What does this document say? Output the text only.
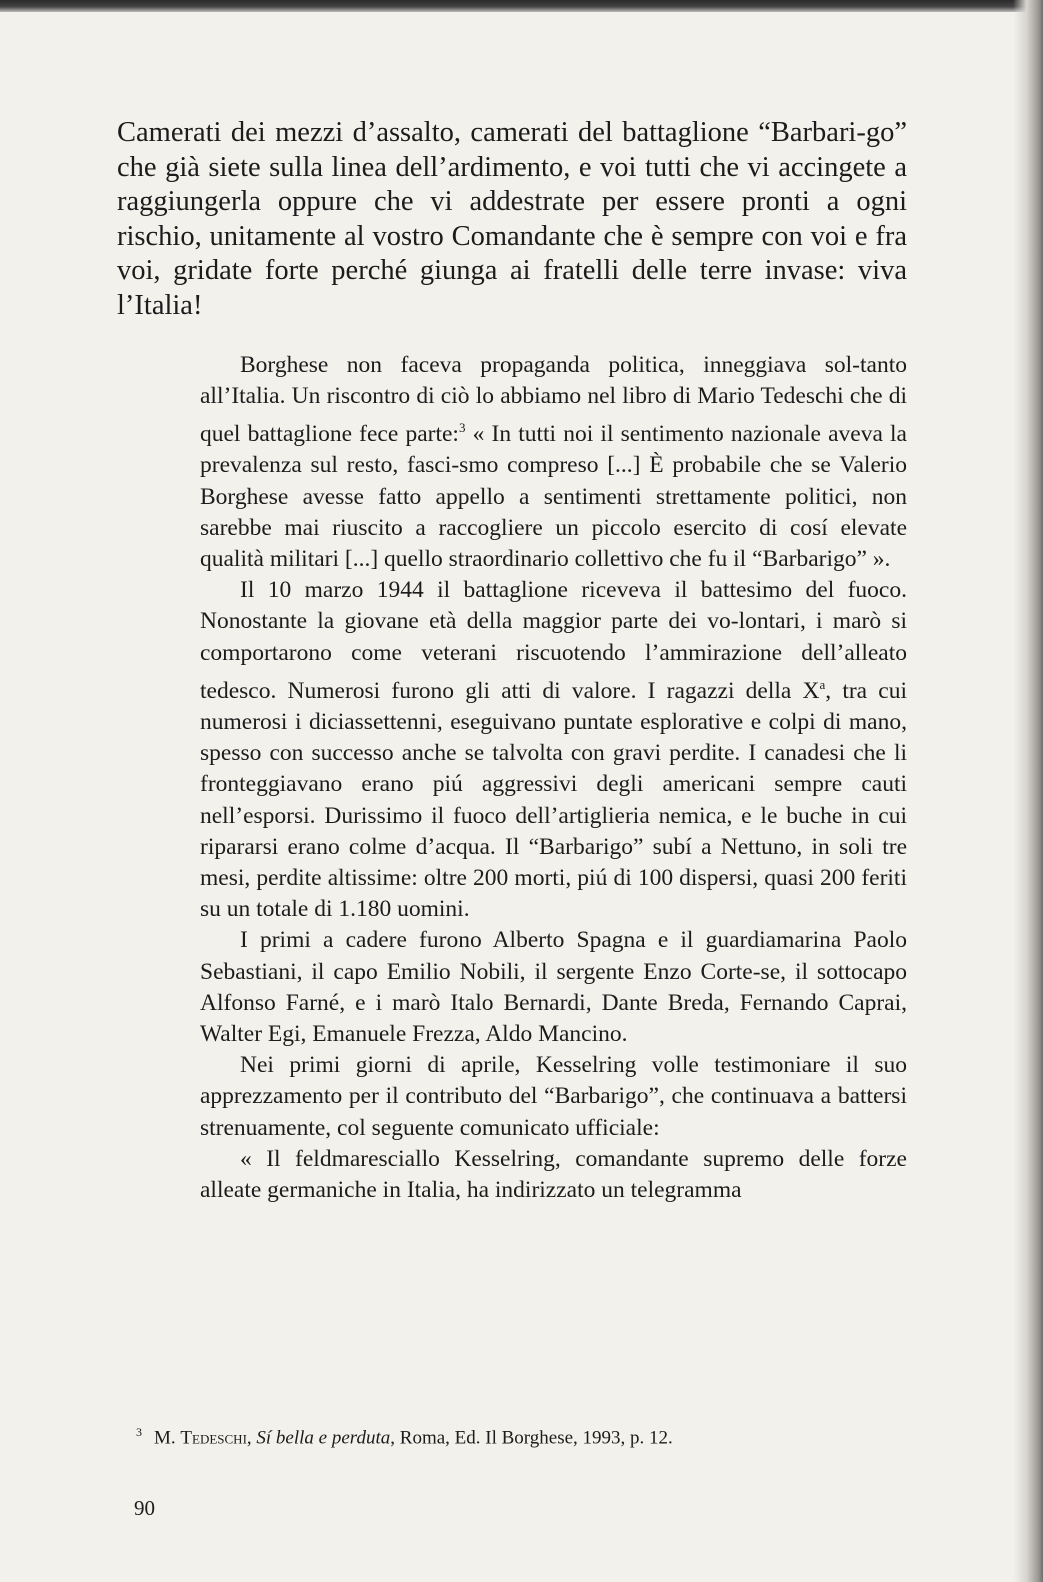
Camerati dei mezzi d’assalto, camerati del battaglione “Barbari-go” che già siete sulla linea dell’ardimento, e voi tutti che vi accingete a raggiungerla oppure che vi addestrate per essere pronti a ogni rischio, unitamente al vostro Comandante che è sempre con voi e fra voi, gridate forte perché giunga ai fratelli delle terre invase: viva l’Italia!

Borghese non faceva propaganda politica, inneggiava sol-tanto all’Italia. Un riscontro di ciò lo abbiamo nel libro di Mario Tedeschi che di quel battaglione fece parte:$^3$ « In tutti noi il sentimento nazionale aveva la prevalenza sul resto, fasci-smo compreso [...] È probabile che se Valerio Borghese avesse fatto appello a sentimenti strettamente politici, non sarebbe mai riuscito a raccogliere un piccolo esercito di cosí elevate qualità militari [...] quello straordinario collettivo che fu il “Barbarigo” ».

Il 10 marzo 1944 il battaglione riceveva il battesimo del fuoco. Nonostante la giovane età della maggior parte dei vo-lontari, i marò si comportarono come veterani riscuotendo l’ammirazione dell’alleato tedesco. Numerosi furono gli atti di valore. I ragazzi della $X^a$, tra cui numerosi i diciassettenni, eseguivano puntate esplorative e colpi di mano, spesso con successo anche se talvolta con gravi perdite. I canadesi che li fronteggiavano erano piú aggressivi degli americani sempre cauti nell’esporsi. Durissimo il fuoco dell’artiglieria nemica, e le buche in cui ripararsi erano colme d’acqua. Il “Barbarigo” subí a Nettuno, in soli tre mesi, perdite altissime: oltre 200 morti, piú di 100 dispersi, quasi 200 feriti su un totale di 1.180 uomini.

I primi a cadere furono Alberto Spagna e il guardiamarina Paolo Sebastiani, il capo Emilio Nobili, il sergente Enzo Corte-se, il sottocapo Alfonso Farné, e i marò Italo Bernardi, Dante Breda, Fernando Caprai, Walter Egi, Emanuele Frezza, Aldo Mancino.

Nei primi giorni di aprile, Kesselring volle testimoniare il suo apprezzamento per il contributo del “Barbarigo”, che continuava a battersi strenuamente, col seguente comunicato ufficiale:

« Il feldmaresciallo Kesselring, comandante supremo delle forze alleate germaniche in Italia, ha indirizzato un telegramma

$^3$ M. Tedeschi, Sí bella e perduta, Roma, Ed. Il Borghese, 1993, p. 12.
90
